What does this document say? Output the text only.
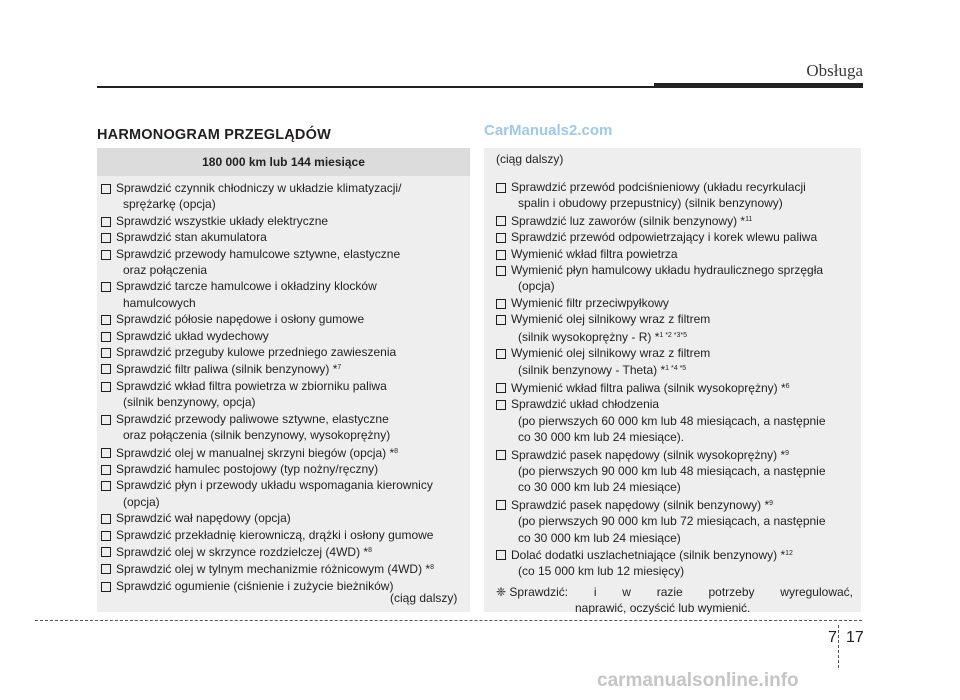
Obsługa
HARMONOGRAM PRZEGLĄDÓW	CarManuals2.com
180 000 km lub 144 miesiące
Sprawdzić czynnik chłodniczy w układzie klimatyzacji/
sprężarkę (opcja)
Sprawdzić wszystkie układy elektryczne
Sprawdzić stan akumulatora
Sprawdzić przewody hamulcowe sztywne, elastyczne
oraz połączenia
Sprawdzić tarcze hamulcowe i okładziny klocków
hamulcowych
Sprawdzić półosie napędowe i osłony gumowe
Sprawdzić układ wydechowy
Sprawdzić przeguby kulowe przedniego zawieszenia
Sprawdzić filtr paliwa (silnik benzynowy) *$^7$
Sprawdzić wkład filtra powietrza w zbiorniku paliwa
(silnik benzynowy, opcja)
Sprawdzić przewody paliwowe sztywne, elastyczne
oraz połączenia (silnik benzynowy, wysokoprężny)
Sprawdzić olej w manualnej skrzyni biegów (opcja) *$^8$
Sprawdzić hamulec postojowy (typ nożny/ręczny)
Sprawdzić płyn i przewody układu wspomagania kierownicy
(opcja)
Sprawdzić wał napędowy (opcja)
Sprawdzić przekładnię kierowniczą, drążki i osłony gumowe
Sprawdzić olej w skrzynce rozdzielczej (4WD) *$^8$
Sprawdzić olej w tylnym mechanizmie różnicowym (4WD) *$^8$
Sprawdzić ogumienie (ciśnienie i zużycie bieżników)
(ciąg dalszy)
(ciąg dalszy)
Sprawdzić przewód podciśnieniowy (układu recyrkulacji
spalin i obudowy przepustnicy) (silnik benzynowy)
Sprawdzić luz zaworów (silnik benzynowy) *$^{11}$
Sprawdzić przewód odpowietrzający i korek wlewu paliwa
Wymienić wkład filtra powietrza
Wymienić płyn hamulcowy układu hydraulicznego sprzęgła
(opcja)
Wymienić filtr przeciwpyłkowy
Wymienić olej silnikowy wraz z filtrem
(silnik wysokoprężny - R) *$^{1 *2 *3*5}$
Wymienić olej silnikowy wraz z filtrem
(silnik benzynowy - Theta) *$^{1 *4 *5}$
Wymienić wkład filtra paliwa (silnik wysokoprężny) *$^6$
Sprawdzić układ chłodzenia
(po pierwszych 60 000 km lub 48 miesiącach, a następnie
co 30 000 km lub 24 miesiące).
Sprawdzić pasek napędowy (silnik wysokoprężny) *$^9$
(po pierwszych 90 000 km lub 48 miesiącach, a następnie
co 30 000 km lub 24 miesiące)
Sprawdzić pasek napędowy (silnik benzynowy) *$^9$
(po pierwszych 90 000 km lub 72 miesiącach, a następnie
co 30 000 km lub 24 miesiące)
Dolać dodatki uszlachetniające (silnik benzynowy) *$^{12}$
(co 15 000 km lub 12 miesięcy)
❈ Sprawdzić: i w razie potrzeby wyregulować,
naprawić, oczyścić lub wymienić.
7 17
carmanualsonline.info
